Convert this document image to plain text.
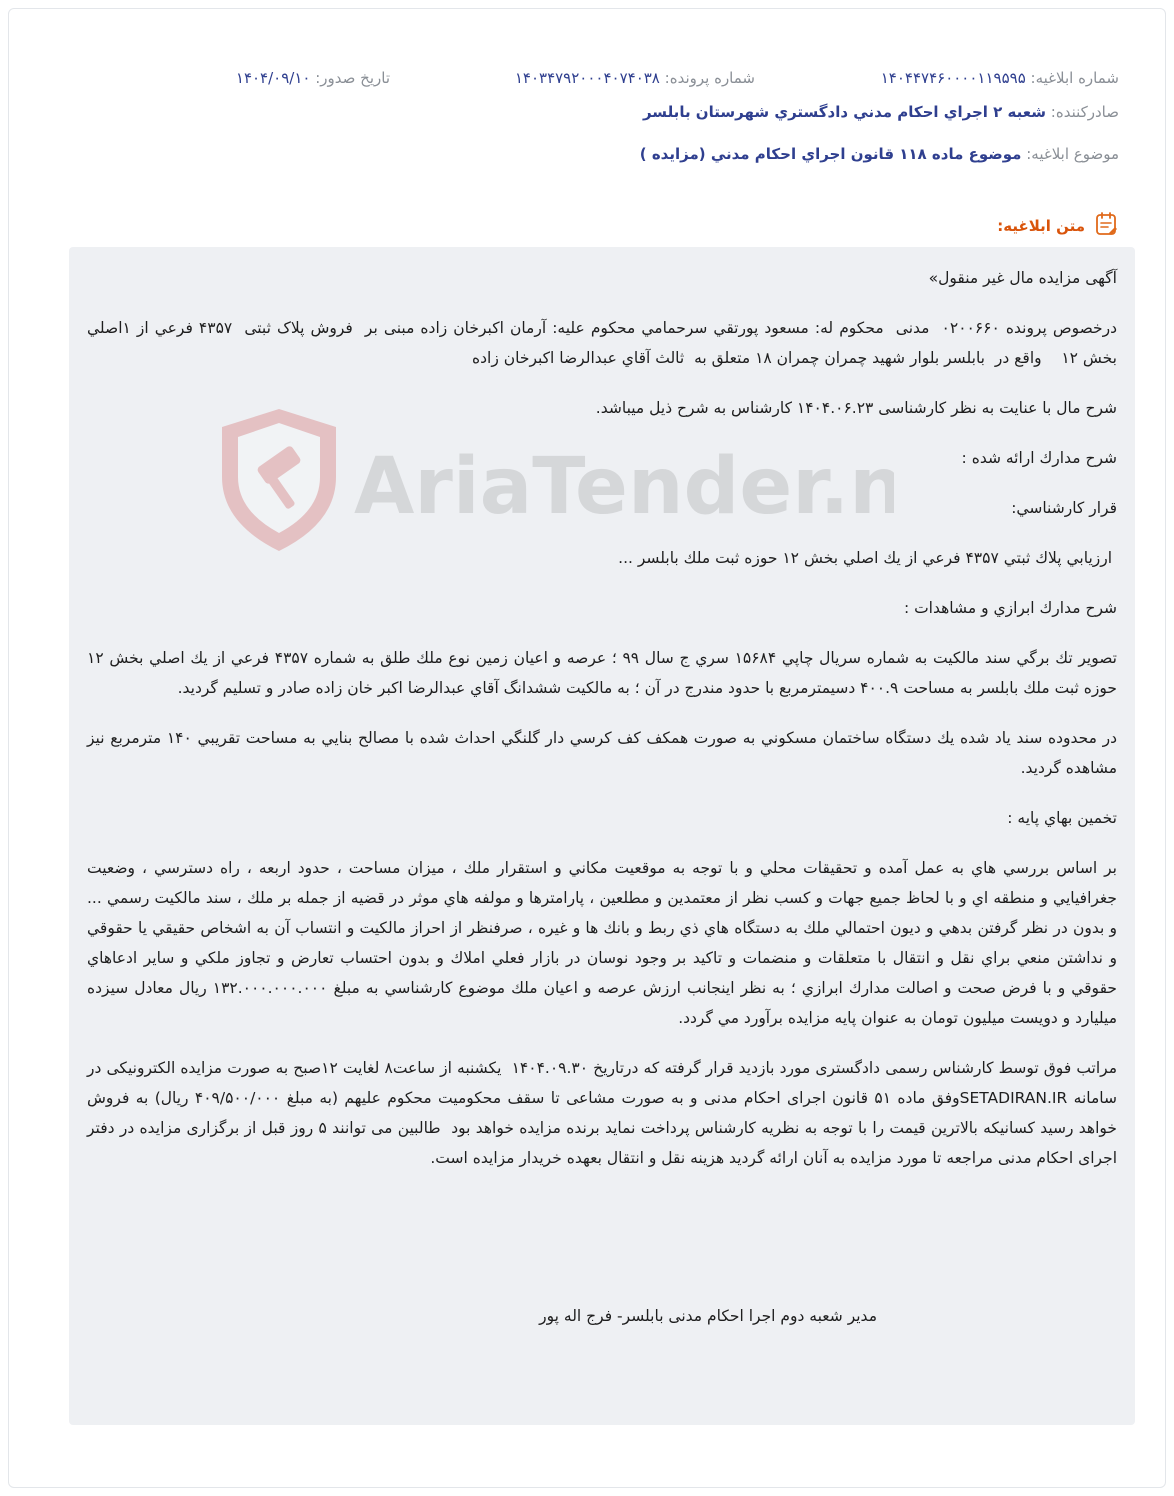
شماره ابلاغيه: ۱۴۰۴۴۷۴۶۰۰۰۰۱۱۹۵۹۵
شماره پرونده: ۱۴۰۳۴۷۹۲۰۰۰۴۰۷۴۰۳۸
تاريخ صدور: ۱۴۰۴/۰۹/۱۰
صادرکننده: شعبه ۲ اجراي احکام مدني دادگستري شهرستان بابلسر
موضوع ابلاغيه: موضوع ماده ۱۱۸ قانون اجراي احکام مدني (مزايده )
متن ابلاغيه:
AriaTender.n

آگهی مزایده مال غیر منقول»

درخصوص پرونده ۰۲۰۰۶۶۰  مدنی  محکوم له: مسعود پورتقي سرحمامي محكوم عليه: آرمان اكبرخان زاده مبنی بر  فروش پلاک ثبتی  ۴۳۵۷ فرعي از ۱اصلي بخش ۱۲    واقع در  بابلسر بلوار شهيد چمران چمران ۱۸ متعلق به  ثالث آقاي عبدالرضا اكبرخان زاده

شرح مال با عنایت به نظر کارشناسی ۱۴۰۴.۰۶.۲۳ کارشناس به شرح ذیل میباشد.

شرح مدارك ارائه شده :

قرار كارشناسي:

ارزيابي پلاك ثبتي ۴۳۵۷ فرعي از يك اصلي بخش ۱۲ حوزه ثبت ملك بابلسر ...

شرح مدارك ابرازي و مشاهدات :

تصوير تك برگي سند مالكيت به شماره سريال چاپي ۱۵۶۸۴ سري ج سال ۹۹ ؛ عرصه و اعيان زمين نوع ملك طلق به شماره ۴۳۵۷ فرعي از يك اصلي بخش ۱۲ حوزه ثبت ملك بابلسر به مساحت ۴۰۰.۹ دسيمترمربع با حدود مندرج در آن ؛ به مالكيت ششدانگ آقاي عبدالرضا اكبر خان زاده صادر و تسليم گرديد.

در محدوده سند ياد شده يك دستگاه ساختمان مسكوني به صورت همكف كف كرسي دار گلنگي احداث شده با مصالح بنايي به مساحت تقريبي ۱۴۰ مترمربع نيز مشاهده گرديد.

تخمين بهاي پايه :

بر اساس بررسي هاي به عمل آمده و تحقيقات محلي و با توجه به موقعيت مكاني و استقرار ملك ، ميزان مساحت ، حدود اربعه ، راه دسترسي ، وضعيت جغرافيايي و منطقه اي و با لحاظ جميع جهات و كسب نظر از معتمدين و مطلعين ، پارامترها و مولفه هاي موثر در قضيه از جمله بر ملك ، سند مالكيت رسمي ... و بدون در نظر گرفتن بدهي و ديون احتمالي ملك به دستگاه هاي ذي ربط و بانك ها و غيره ، صرفنظر از احراز مالكيت و انتساب آن به اشخاص حقيقي يا حقوقي و نداشتن منعي براي نقل و انتقال با متعلقات و منضمات و تاكيد بر وجود نوسان در بازار فعلي املاك و بدون احتساب تعارض و تجاوز ملكي و ساير ادعاهاي حقوقي و با فرض صحت و اصالت مدارك ابرازي ؛ به نظر اينجانب ارزش عرصه و اعيان ملك موضوع كارشناسي به مبلغ ۱۳۲.۰۰۰.۰۰۰.۰۰۰ ريال معادل سيزده ميليارد و دويست ميليون تومان به عنوان پايه مزايده برآورد مي گردد.

مراتب فوق توسط کارشناس رسمی دادگستری مورد بازدید قرار گرفته که درتاریخ ۱۴۰۴.۰۹.۳۰  یکشنبه از ساعت۸ لغایت ۱۲صبح به صورت مزایده الکترونیکی در سامانه SETADIRAN.IRوفق ماده ۵۱ قانون اجرای احکام مدنی و به صورت مشاعی تا سقف محکومیت محکوم علیهم (به مبلغ ۴۰۹/۵۰۰/۰۰۰ ریال) به فروش خواهد رسید کسانیکه بالاترین قیمت را با توجه به نظریه کارشناس پرداخت نماید برنده مزایده خواهد بود  طالبین می توانند ۵ روز قبل از برگزاری مزایده در دفتر اجرای احکام مدنی مراجعه تا مورد مزایده به آنان ارائه گردید هزینه نقل و انتقال بعهده خریدار مزایده است.

مدیر شعبه دوم اجرا احکام مدنی بابلسر- فرج اله پور
